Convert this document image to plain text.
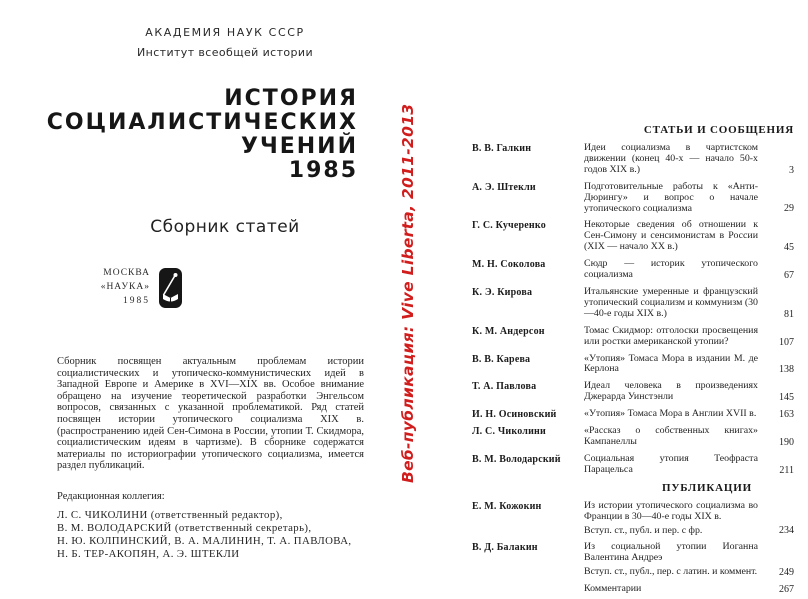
АКАДЕМИЯ НАУК СССР
Институт всеобщей истории
ИСТОРИЯ
СОЦИАЛИСТИЧЕСКИХ
УЧЕНИЙ
1985
Сборник статей
МОСКВА
«НАУКА»
1985
Сборник посвящен актуальным проблемам истории социалистических и утопическо-коммунистических идей в Западной Европе и Америке в XVI—XIX вв. Особое внимание обращено на изучение теоретической разработки Энгельсом вопросов, связанных с указанной проблематикой. Ряд статей посвящен истории утопического социализма XIX в. (распространению идей Сен-Симона в России, утопии Т. Скидмора, социалистическим идеям в чартизме). В сборнике содержатся материалы по историографии утопического социализма, имеется раздел публикаций.
Редакционная коллегия:
Л. С. ЧИКОЛИНИ (ответственный редактор),
В. М. ВОЛОДАРСКИЙ (ответственный секретарь),
Н. Ю. КОЛПИНСКИЙ, В. А. МАЛИНИН, Т. А. ПАВЛОВА,
Н. Б. ТЕР-АКОПЯН, А. Э. ШТЕКЛИ
Веб-публикация: Vive Liberta, 2011-2013	СТАТЬИ И СООБЩЕНИЯ
В. В. Галкин	Идеи социализма в чартистском движении (конец 40-х — начало 50-х годов XIX в.)	3
А. Э. Штекли	Подготовительные работы к «Анти-Дюрингу» и вопрос о начале утопического социализма	29
Г. С. Кучеренко	Некоторые сведения об отношении к Сен-Симону и сенсимонистам в России (XIX — начало XX в.)	45
М. Н. Соколова	Сюдр — историк утопического социализма	67
К. Э. Кирова	Итальянские умеренные и французский утопический социализм и коммунизм (30—40-е годы XIX в.)	81
К. М. Андерсон	Томас Скидмор: отголоски просвещения или ростки американской утопии?	107
В. В. Карева	«Утопия» Томаса Мора в издании М. де Керлона	138
Т. А. Павлова	Идеал человека в произведениях Джерарда Уинстэнли	145
И. Н. Осиновский	«Утопия» Томаса Мора в Англии XVII в.	163
Л. С. Чиколини	«Рассказ о собственных книгах» Кампанеллы	190
В. М. Володарский	Социальная утопия Теофраста Парацельса	211
ПУБЛИКАЦИИ
Е. М. Кожокин	Из истории утопического социализма во Франции в 30—40-е годы XIX в.
Вступ. ст., публ. и пер. с фр.	234
В. Д. Балакин	Из социальной утопии Иоганна Валентина Андреэ
Вступ. ст., публ., пер. с латин. и коммент.	249
Комментарии	267
